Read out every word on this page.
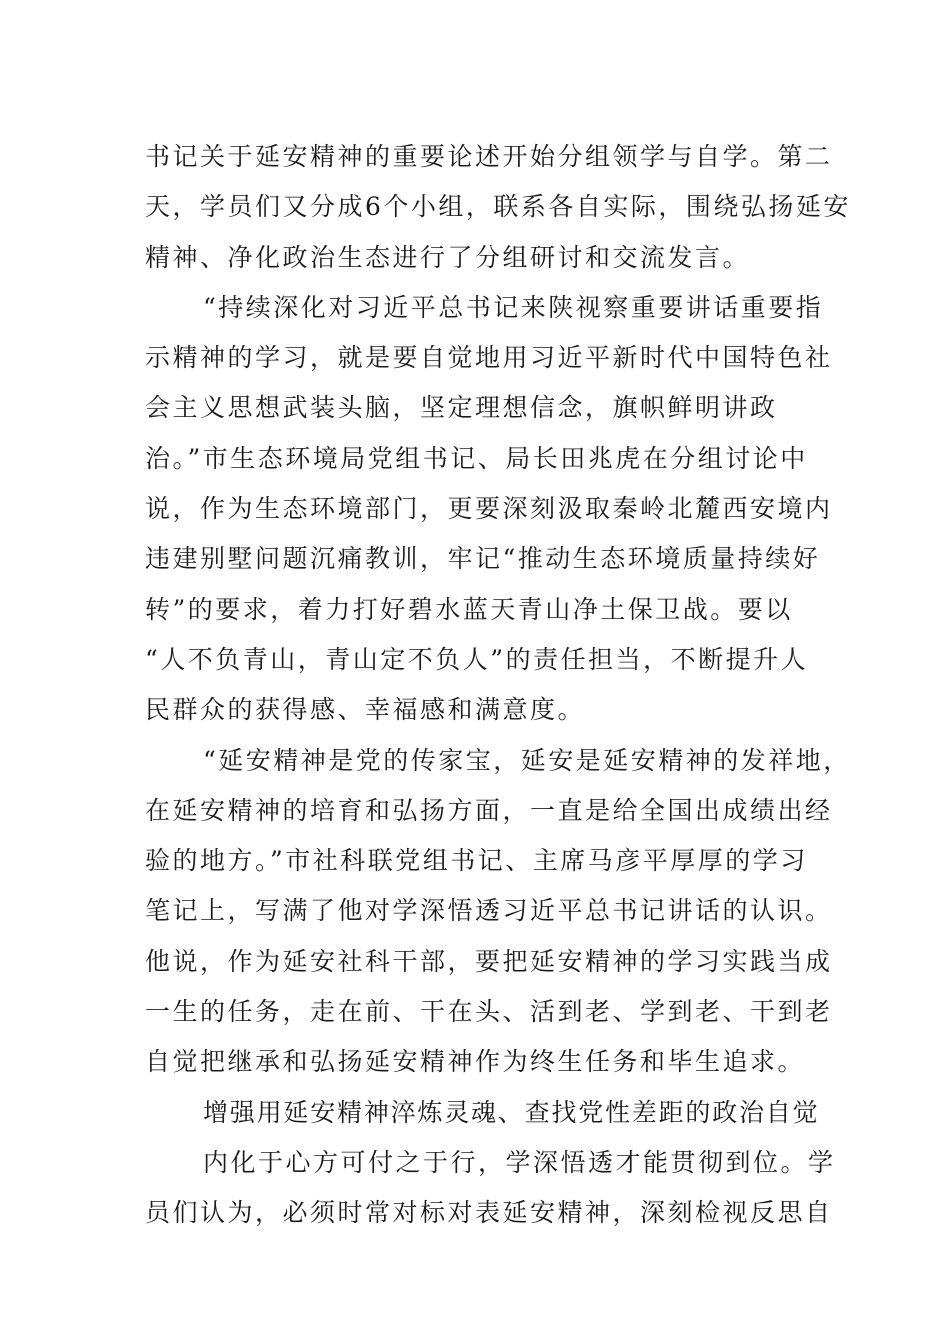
书记关于延安精神的重要论述开始分组领学与自学。第二
天，学员们又分成6个小组，联系各自实际，围绕弘扬延安
精神、净化政治生态进行了分组研讨和交流发言。
“持续深化对习近平总书记来陕视察重要讲话重要指
示精神的学习，就是要自觉地用习近平新时代中国特色社
会主义思想武装头脑，坚定理想信念，旗帜鲜明讲政
治。”市生态环境局党组书记、局长田兆虎在分组讨论中
说，作为生态环境部门，更要深刻汲取秦岭北麓西安境内
违建别墅问题沉痛教训，牢记“推动生态环境质量持续好
转”的要求，着力打好碧水蓝天青山净土保卫战。要以
“人不负青山，青山定不负人”的责任担当，不断提升人
民群众的获得感、幸福感和满意度。
“延安精神是党的传家宝，延安是延安精神的发祥地，
在延安精神的培育和弘扬方面，一直是给全国出成绩出经
验的地方。”市社科联党组书记、主席马彦平厚厚的学习
笔记上，写满了他对学深悟透习近平总书记讲话的认识。
他说，作为延安社科干部，要把延安精神的学习实践当成
一生的任务，走在前、干在头、活到老、学到老、干到老
自觉把继承和弘扬延安精神作为终生任务和毕生追求。
增强用延安精神淬炼灵魂、查找党性差距的政治自觉
内化于心方可付之于行，学深悟透才能贯彻到位。学
员们认为，必须时常对标对表延安精神，深刻检视反思自
